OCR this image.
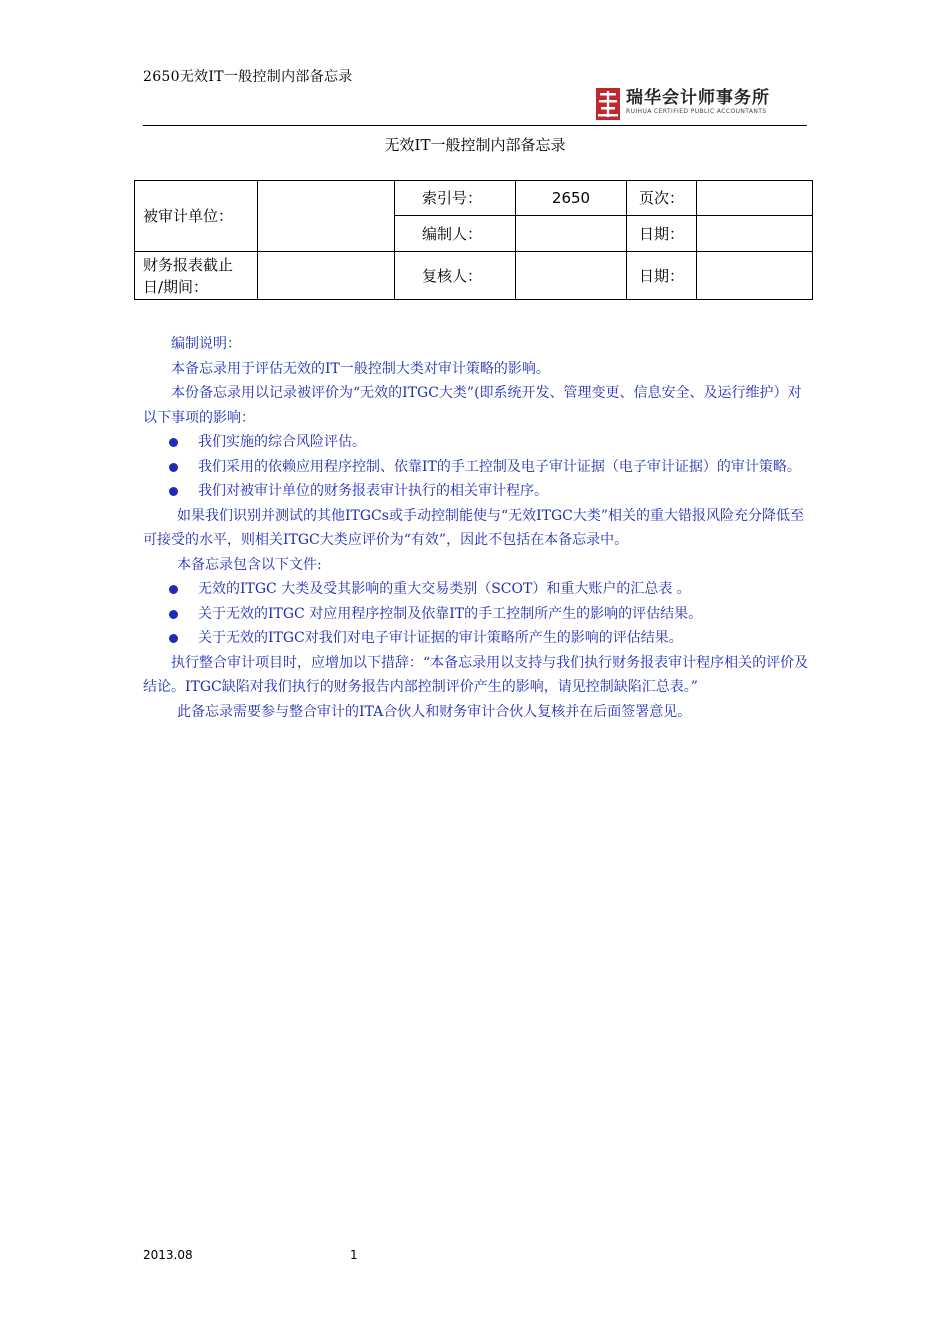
2650无效IT一般控制内部备忘录
瑞华会计师事务所
RUIHUA CERTIFIED PUBLIC ACCOUNTANTS
无效IT一般控制内部备忘录
被审计单位：		索引号：	2650	页次：	
		编制人：		日期：	
财务报表截止日/期间：		复核人：		日期：	

编制说明：

本备忘录用于评估无效的IT一般控制大类对审计策略的影响。

本份备忘录用以记录被评价为“无效的ITGC大类”(即系统开发、管理变更、信息安全、及运行维护）对以下事项的影响：

我们实施的综合风险评估。

我们采用的依赖应用程序控制、依靠IT的手工控制及电子审计证据（电子审计证据）的审计策略。

我们对被审计单位的财务报表审计执行的相关审计程序。

如果我们识别并测试的其他ITGCs或手动控制能使与“无效ITGC大类”相关的重大错报风险充分降低至可接受的水平，则相关ITGC大类应评价为“有效”，因此不包括在本备忘录中。

本备忘录包含以下文件:

无效的ITGC 大类及受其影响的重大交易类别（SCOT）和重大账户的汇总表 。

关于无效的ITGC 对应用程序控制及依靠IT的手工控制所产生的影响的评估结果。

关于无效的ITGC对我们对电子审计证据的审计策略所产生的影响的评估结果。

执行整合审计项目时，应增加以下措辞：“本备忘录用以支持与我们执行财务报表审计程序相关的评价及结论。ITGC缺陷对我们执行的财务报告内部控制评价产生的影响，请见控制缺陷汇总表。”

此备忘录需要参与整合审计的ITA合伙人和财务审计合伙人复核并在后面签署意见。

2013.08	1
